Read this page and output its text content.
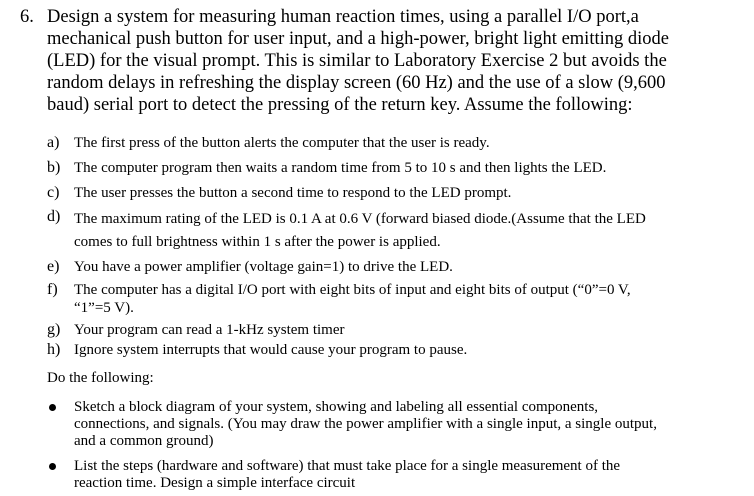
6. Design a system for measuring human reaction times, using a parallel I/O port,a
mechanical push button for user input, and a high-power, bright light emitting diode
(LED) for the visual prompt. This is similar to Laboratory Exercise 2 but avoids the
random delays in refreshing the display screen (60 Hz) and the use of a slow (9,600
baud) serial port to detect the pressing of the return key. Assume the following:
a) The first press of the button alerts the computer that the user is ready.
b) The computer program then waits a random time from 5 to 10 s and then lights the LED.
c) The user presses the button a second time to respond to the LED prompt.
d) The maximum rating of the LED is 0.1 A at 0.6 V (forward biased diode.(Assume that the LED
comes to full brightness within 1 s after the power is applied.
e) You have a power amplifier (voltage gain=1) to drive the LED.
f) The computer has a digital I/O port with eight bits of input and eight bits of output (“0”=0 V,
“1”=5 V).
g) Your program can read a 1-kHz system timer
h) Ignore system interrupts that would cause your program to pause.
Do the following:
Sketch a block diagram of your system, showing and labeling all essential components,
connections, and signals. (You may draw the power amplifier with a single input, a single output,
and a common ground)
List the steps (hardware and software) that must take place for a single measurement of the
reaction time. Design a simple interface circuit
